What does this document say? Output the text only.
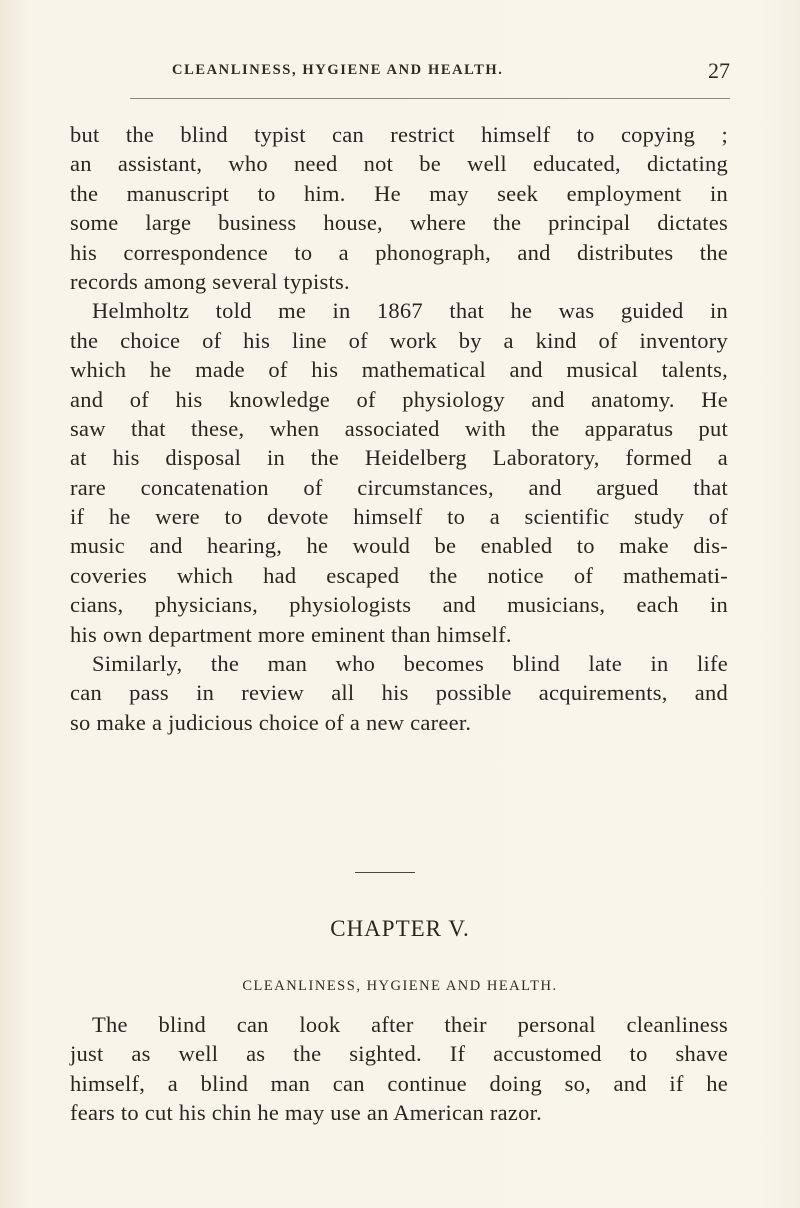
CLEANLINESS, HYGIENE AND HEALTH.	27
but the blind typist can restrict himself to copying ;
an assistant, who need not be well educated, dictating
the manuscript to him. He may seek employment in
some large business house, where the principal dictates
his correspondence to a phonograph, and distributes the
records among several typists.
Helmholtz told me in 1867 that he was guided in
the choice of his line of work by a kind of inventory
which he made of his mathematical and musical talents,
and of his knowledge of physiology and anatomy. He
saw that these, when associated with the apparatus put
at his disposal in the Heidelberg Laboratory, formed a
rare concatenation of circumstances, and argued that
if he were to devote himself to a scientific study of
music and hearing, he would be enabled to make dis-
coveries which had escaped the notice of mathemati-
cians, physicians, physiologists and musicians, each in
his own department more eminent than himself.
Similarly, the man who becomes blind late in life
can pass in review all his possible acquirements, and
so make a judicious choice of a new career.
CHAPTER V.
CLEANLINESS, HYGIENE AND HEALTH.
The blind can look after their personal cleanliness
just as well as the sighted. If accustomed to shave
himself, a blind man can continue doing so, and if he
fears to cut his chin he may use an American razor.
